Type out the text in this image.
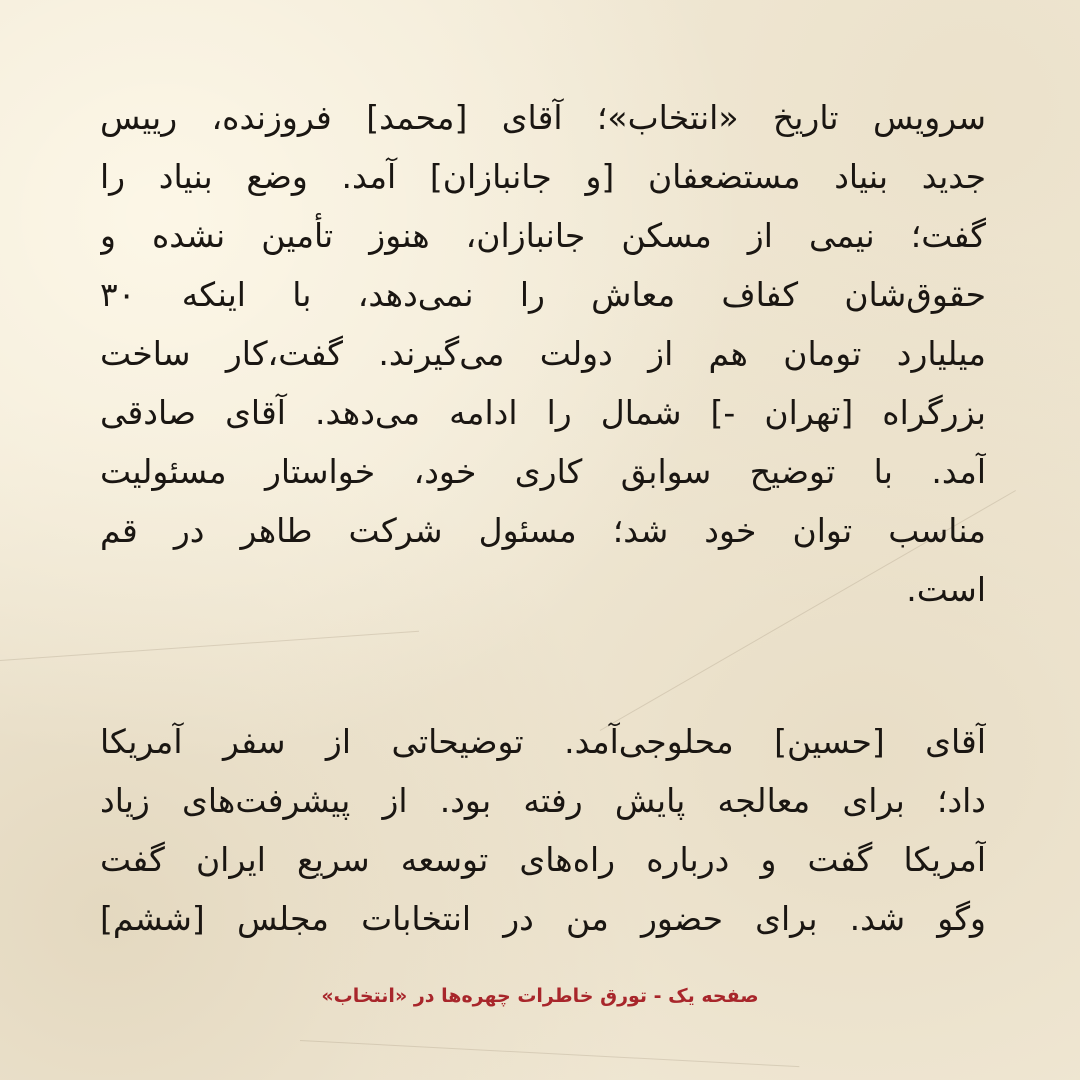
سرویس تاریخ «انتخاب»؛ آقای [محمد] فروزنده، رییس
جدید بنیاد مستضعفان [و جانبازان] آمد. وضع بنیاد را
گفت؛ نیمی از مسکن جانبازان، هنوز تأمین نشده و
حقوق‌شان کفاف معاش را نمی‌دهد، با اینکه ۳۰
میلیارد تومان هم از دولت می‌گیرند. گفت،کار ساخت
بزرگراه [تهران -] شمال را ادامه می‌دهد. آقای صادقی
آمد. با توضیح سوابق کاری خود، خواستار مسئولیت
مناسب توان خود شد؛ مسئول شرکت طاهر در قم
است.
آقای [حسین] محلوجی‌آمد. توضیحاتی از سفر آمریکا
داد؛ برای معالجه پایش رفته بود. از پیشرفت‌های زیاد
آمریکا گفت و درباره راه‌های توسعه سریع ایران گفت
وگو شد. برای حضور من در انتخابات مجلس [ششم]
صفحه یک - تورق خاطرات چهره‌ها در «انتخاب»
